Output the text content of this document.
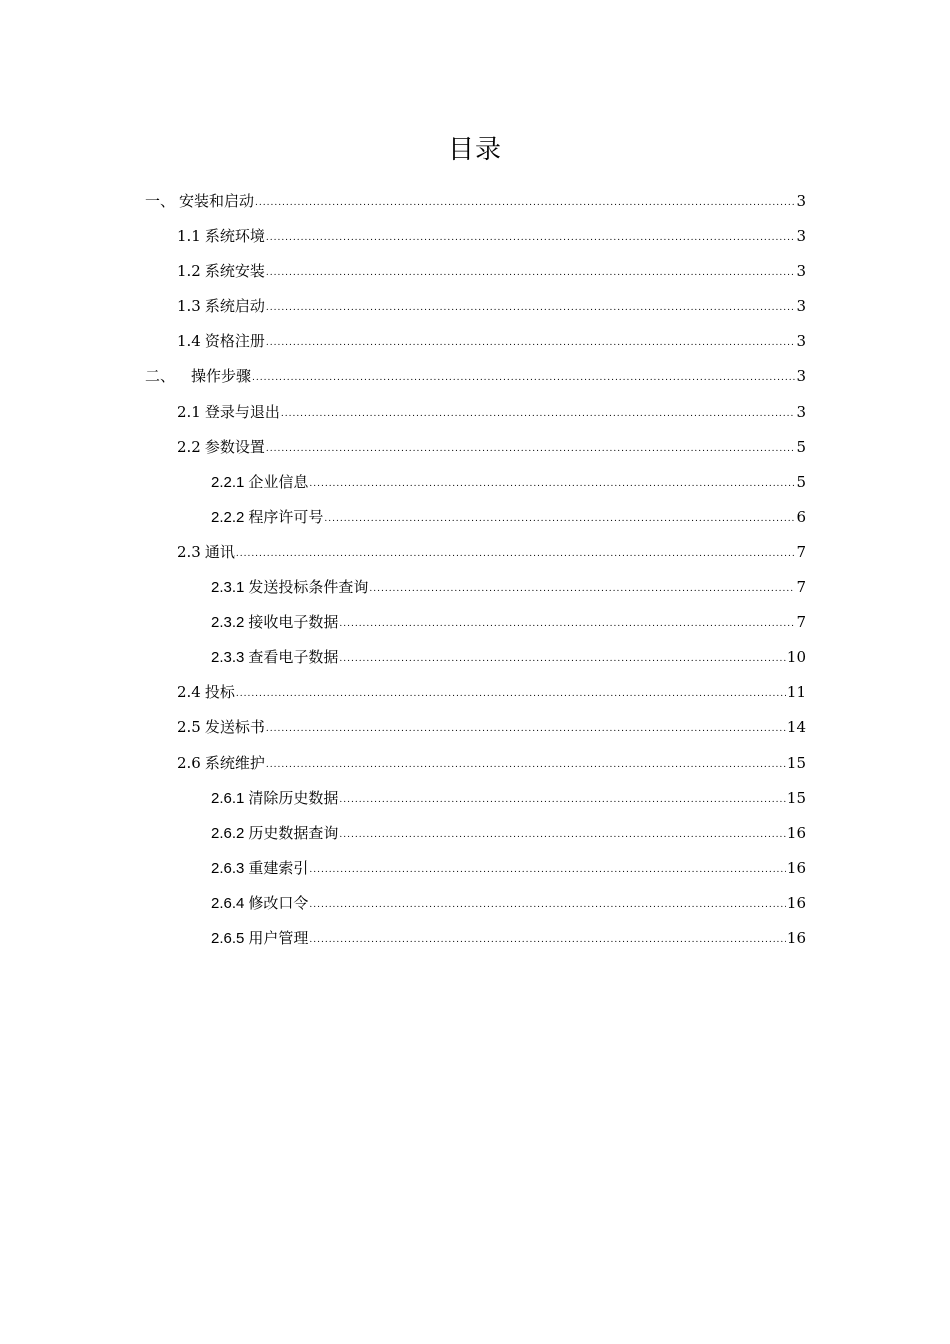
目录
一、 安装和启动 .....	3
1.1 系统环境 .....	3
1.2 系统安装 .....	3
1.3 系统启动 .....	3
1.4 资格注册 .....	3
二、 操作步骤 .....	3
2.1 登录与退出 .....	3
2.2 参数设置 .....	5
2.2.1 企业信息 .....	5
2.2.2 程序许可号 .....	6
2.3 通讯 .....	7
2.3.1 发送投标条件查询 .....	7
2.3.2 接收电子数据 .....	7
2.3.3 查看电子数据 .....	10
2.4 投标 .....	11
2.5 发送标书 .....	14
2.6 系统维护 .....	15
2.6.1 清除历史数据 .....	15
2.6.2 历史数据查询 .....	16
2.6.3 重建索引 .....	16
2.6.4 修改口令 .....	16
2.6.5 用户管理 .....	16
